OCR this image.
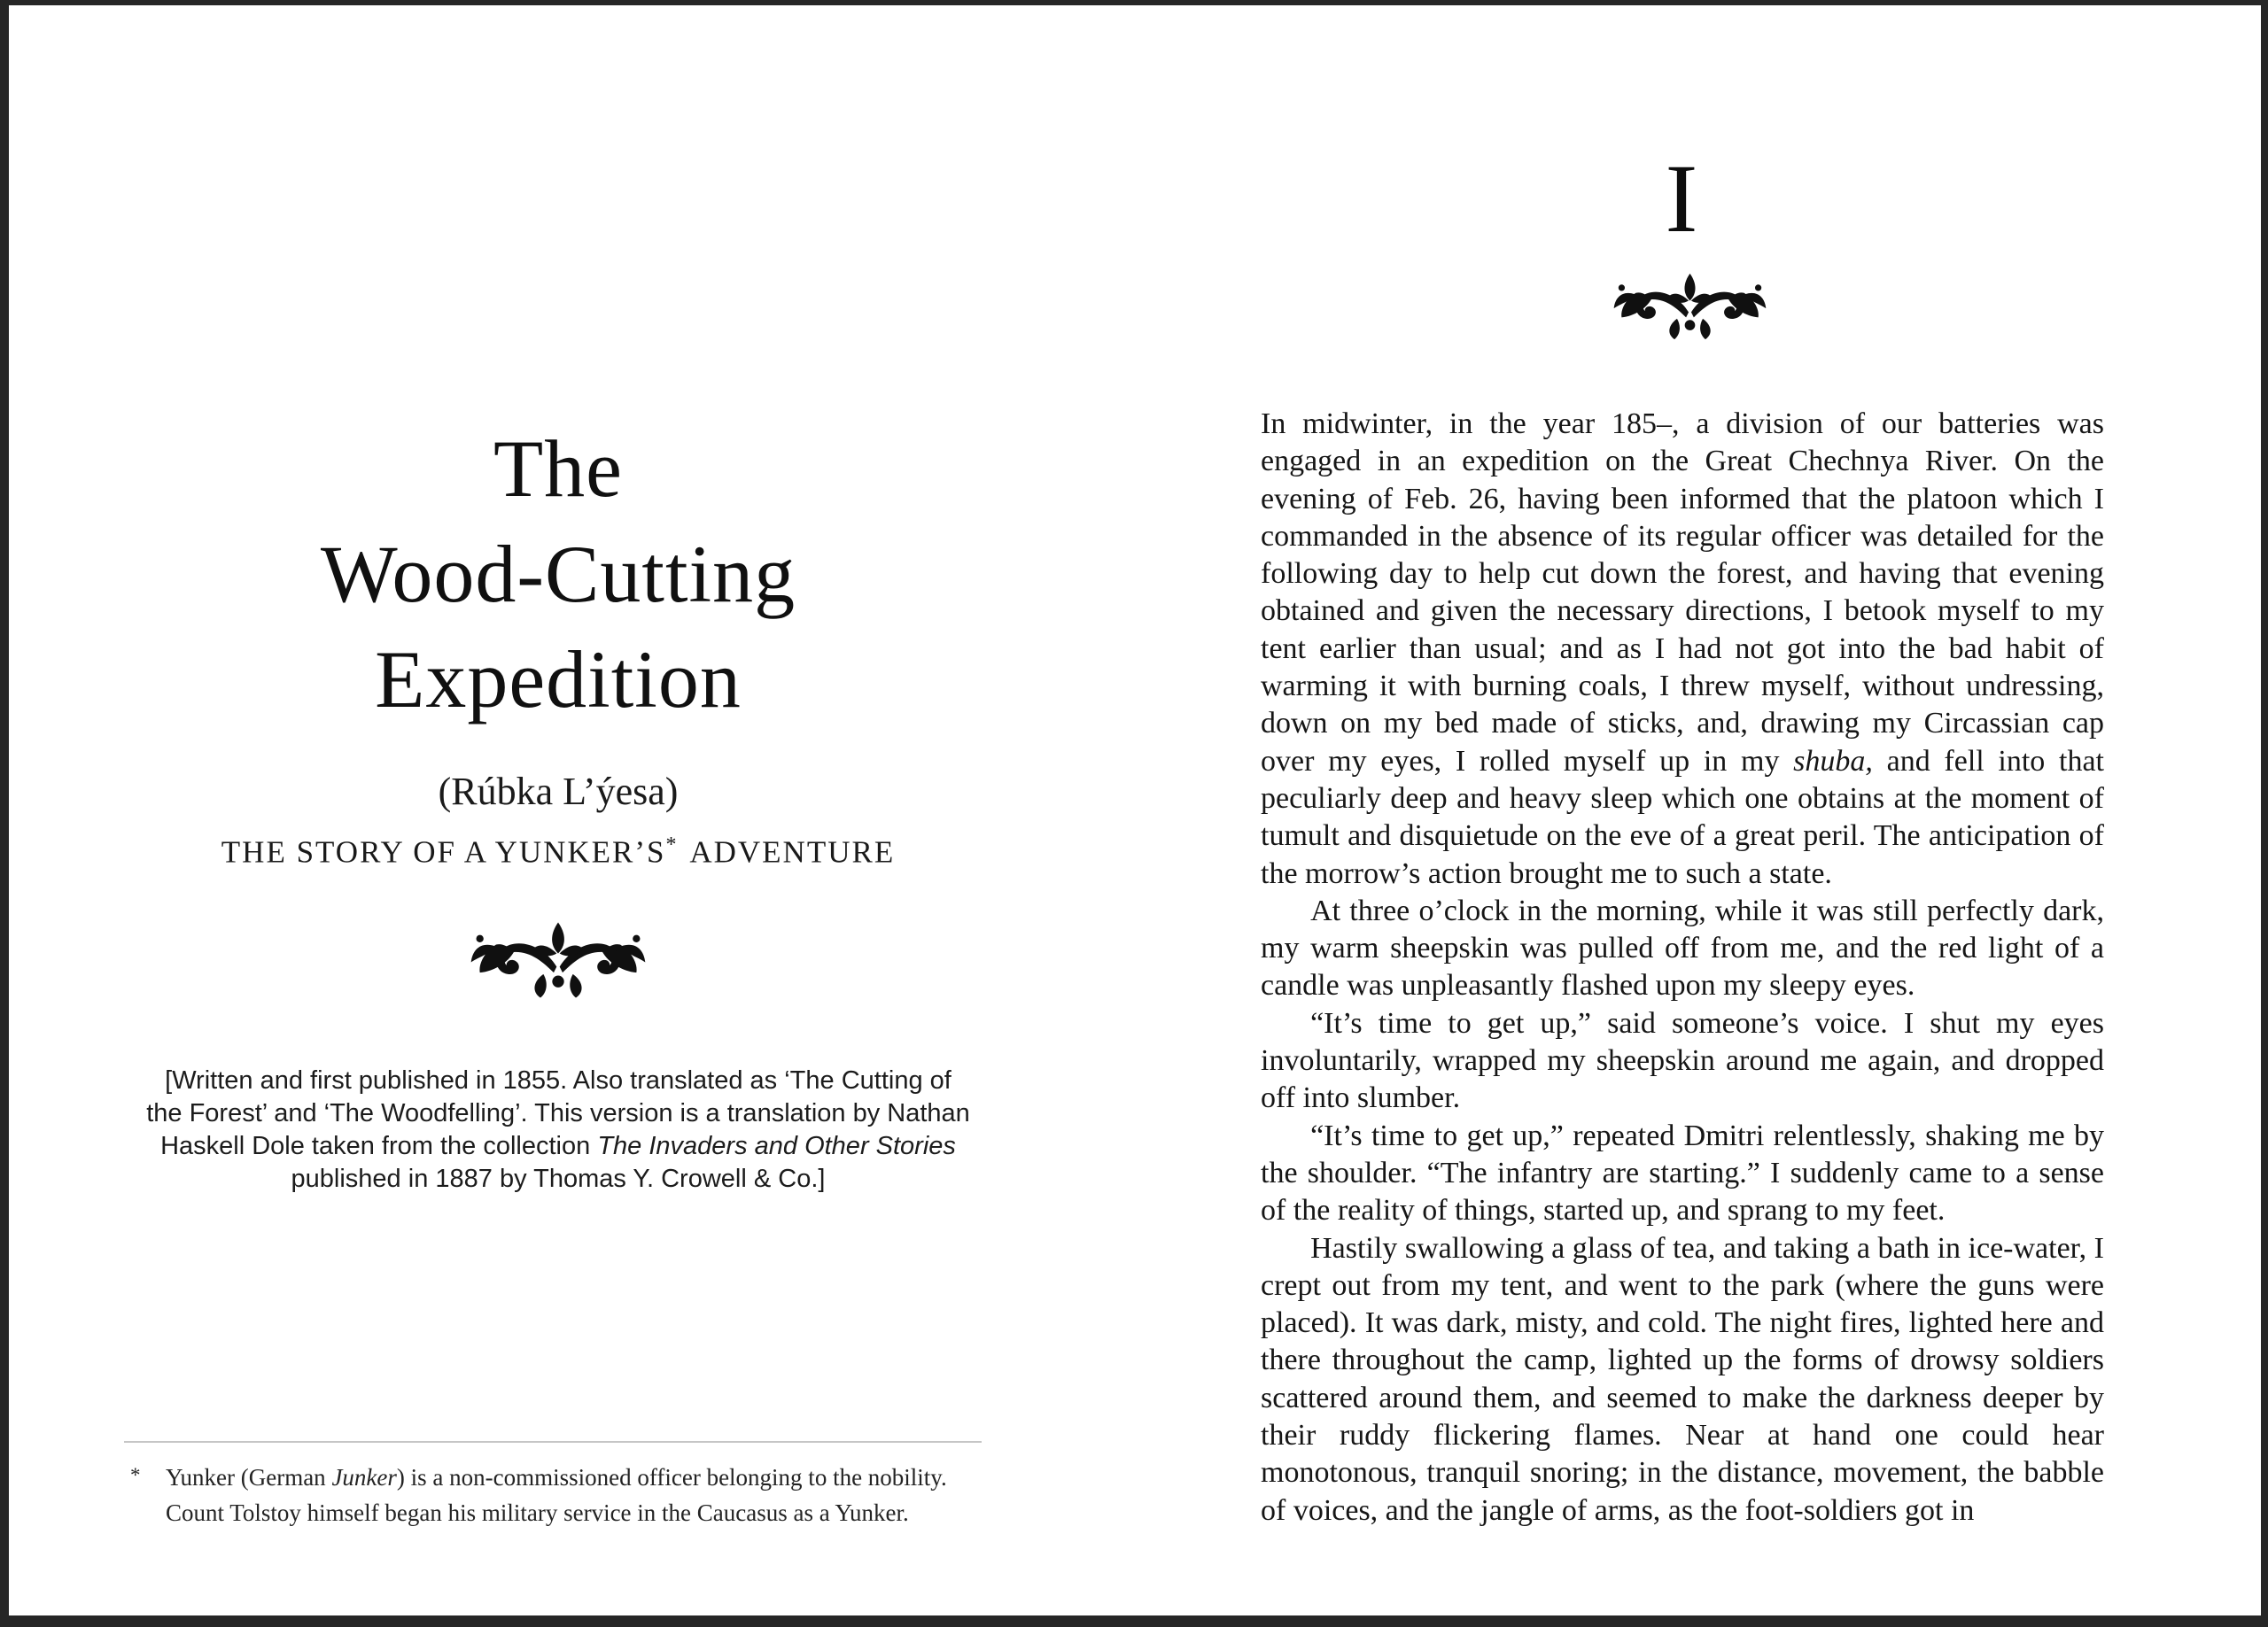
The
Wood-Cutting
Expedition
(Rúbka L’ýesa)
THE STORY OF A YUNKER’S* ADVENTURE
[Written and first published in 1855. Also translated as ‘The Cutting of the Forest’ and ‘The Woodfelling’. This version is a translation by Nathan Haskell Dole taken from the collection The Invaders and Other Stories published in 1887 by Thomas Y. Crowell & Co.]
* Yunker (German Junker) is a non-commissioned officer belonging to the nobility. Count Tolstoy himself began his military service in the Caucasus as a Yunker.
I

In midwinter, in the year 185–, a division of our batteries was engaged in an expedition on the Great Chechnya River. On the evening of Feb. 26, having been informed that the platoon which I commanded in the absence of its regular officer was detailed for the following day to help cut down the forest, and having that evening obtained and given the necessary directions, I betook myself to my tent earlier than usual; and as I had not got into the bad habit of warming it with burning coals, I threw myself, without undressing, down on my bed made of sticks, and, drawing my Circassian cap over my eyes, I rolled myself up in my shuba, and fell into that peculiarly deep and heavy sleep which one obtains at the moment of tumult and disquietude on the eve of a great peril. The anticipation of the morrow’s action brought me to such a state.

At three o’clock in the morning, while it was still perfectly dark, my warm sheepskin was pulled off from me, and the red light of a candle was unpleasantly flashed upon my sleepy eyes.

“It’s time to get up,” said someone’s voice. I shut my eyes involuntarily, wrapped my sheepskin around me again, and dropped off into slumber.

“It’s time to get up,” repeated Dmitri relentlessly, shaking me by the shoulder. “The infantry are starting.” I suddenly came to a sense of the reality of things, started up, and sprang to my feet.

Hastily swallowing a glass of tea, and taking a bath in ice-water, I crept out from my tent, and went to the park (where the guns were placed). It was dark, misty, and cold. The night fires, lighted here and there throughout the camp, lighted up the forms of drowsy soldiers scattered around them, and seemed to make the darkness deeper by their ruddy flickering flames. Near at hand one could hear monotonous, tranquil snoring; in the distance, movement, the babble of voices, and the jangle of arms, as the foot-soldiers got in
